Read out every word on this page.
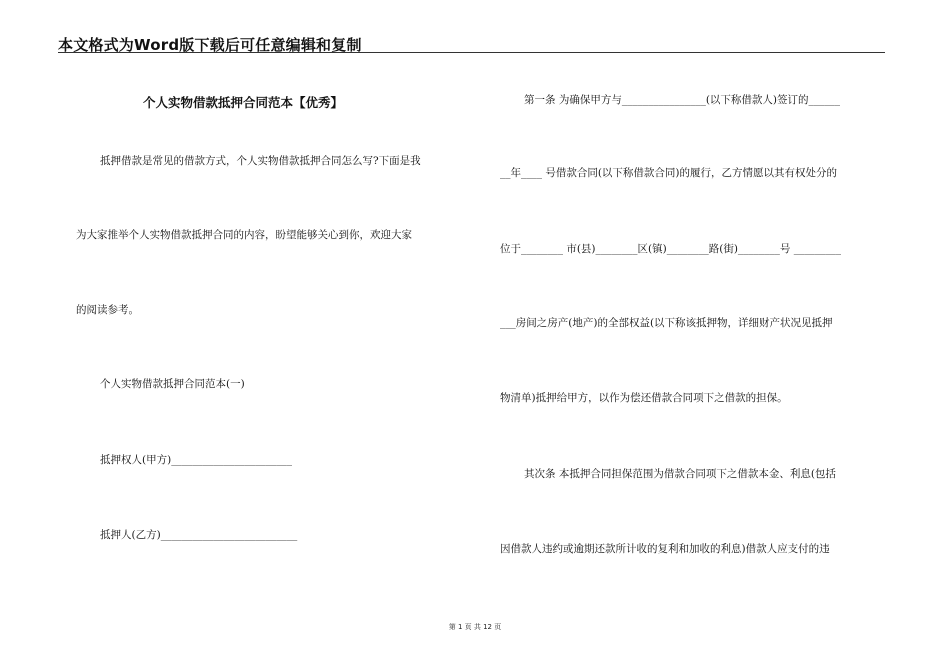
本文格式为Word版下载后可任意编辑和复制
个人实物借款抵押合同范本【优秀】
抵押借款是常见的借款方式，个人实物借款抵押合同怎么写?下面是我
为大家推举个人实物借款抵押合同的内容，盼望能够关心到你，欢迎大家
的阅读参考。
个人实物借款抵押合同范本(一)
抵押权人(甲方)_______________________
抵押人(乙方)__________________________
第一条 为确保甲方与________________(以下称借款人)签订的______
__年____ 号借款合同(以下称借款合同)的履行，乙方情愿以其有权处分的
位于________ 市(县)________区(镇)________路(街)________号 _________
___房间之房产(地产)的全部权益(以下称该抵押物，详细财产状况见抵押
物清单)抵押给甲方，以作为偿还借款合同项下之借款的担保。
其次条 本抵押合同担保范围为借款合同项下之借款本金、利息(包括
因借款人违约或逾期还款所计收的复利和加收的利息)借款人应支付的违
第 1 页 共 12 页
